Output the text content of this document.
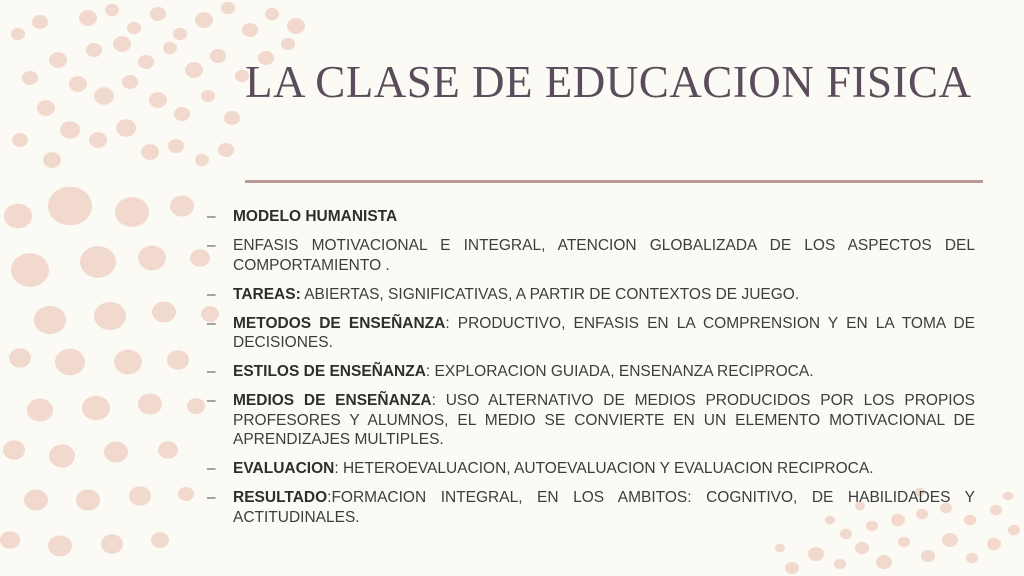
LA CLASE DE EDUCACION FISICA
– MODELO HUMANISTA
– ENFASIS MOTIVACIONAL E INTEGRAL, ATENCION GLOBALIZADA DE LOS ASPECTOS DEL COMPORTAMIENTO .
– TAREAS: ABIERTAS, SIGNIFICATIVAS, A PARTIR DE CONTEXTOS DE JUEGO.
– METODOS DE ENSEÑANZA: PRODUCTIVO, ENFASIS EN LA COMPRENSION Y EN LA TOMA DE DECISIONES.
– ESTILOS DE ENSEÑANZA: EXPLORACION GUIADA, ENSENANZA RECIPROCA.
– MEDIOS DE ENSEÑANZA: USO ALTERNATIVO DE MEDIOS PRODUCIDOS POR LOS PROPIOS PROFESORES Y ALUMNOS, EL MEDIO SE CONVIERTE EN UN ELEMENTO MOTIVACIONAL DE APRENDIZAJES MULTIPLES.
– EVALUACION: HETEROEVALUACION, AUTOEVALUACION Y EVALUACION RECIPROCA.
– RESULTADO:FORMACION INTEGRAL, EN LOS AMBITOS: COGNITIVO, DE HABILIDADES Y ACTITUDINALES.
